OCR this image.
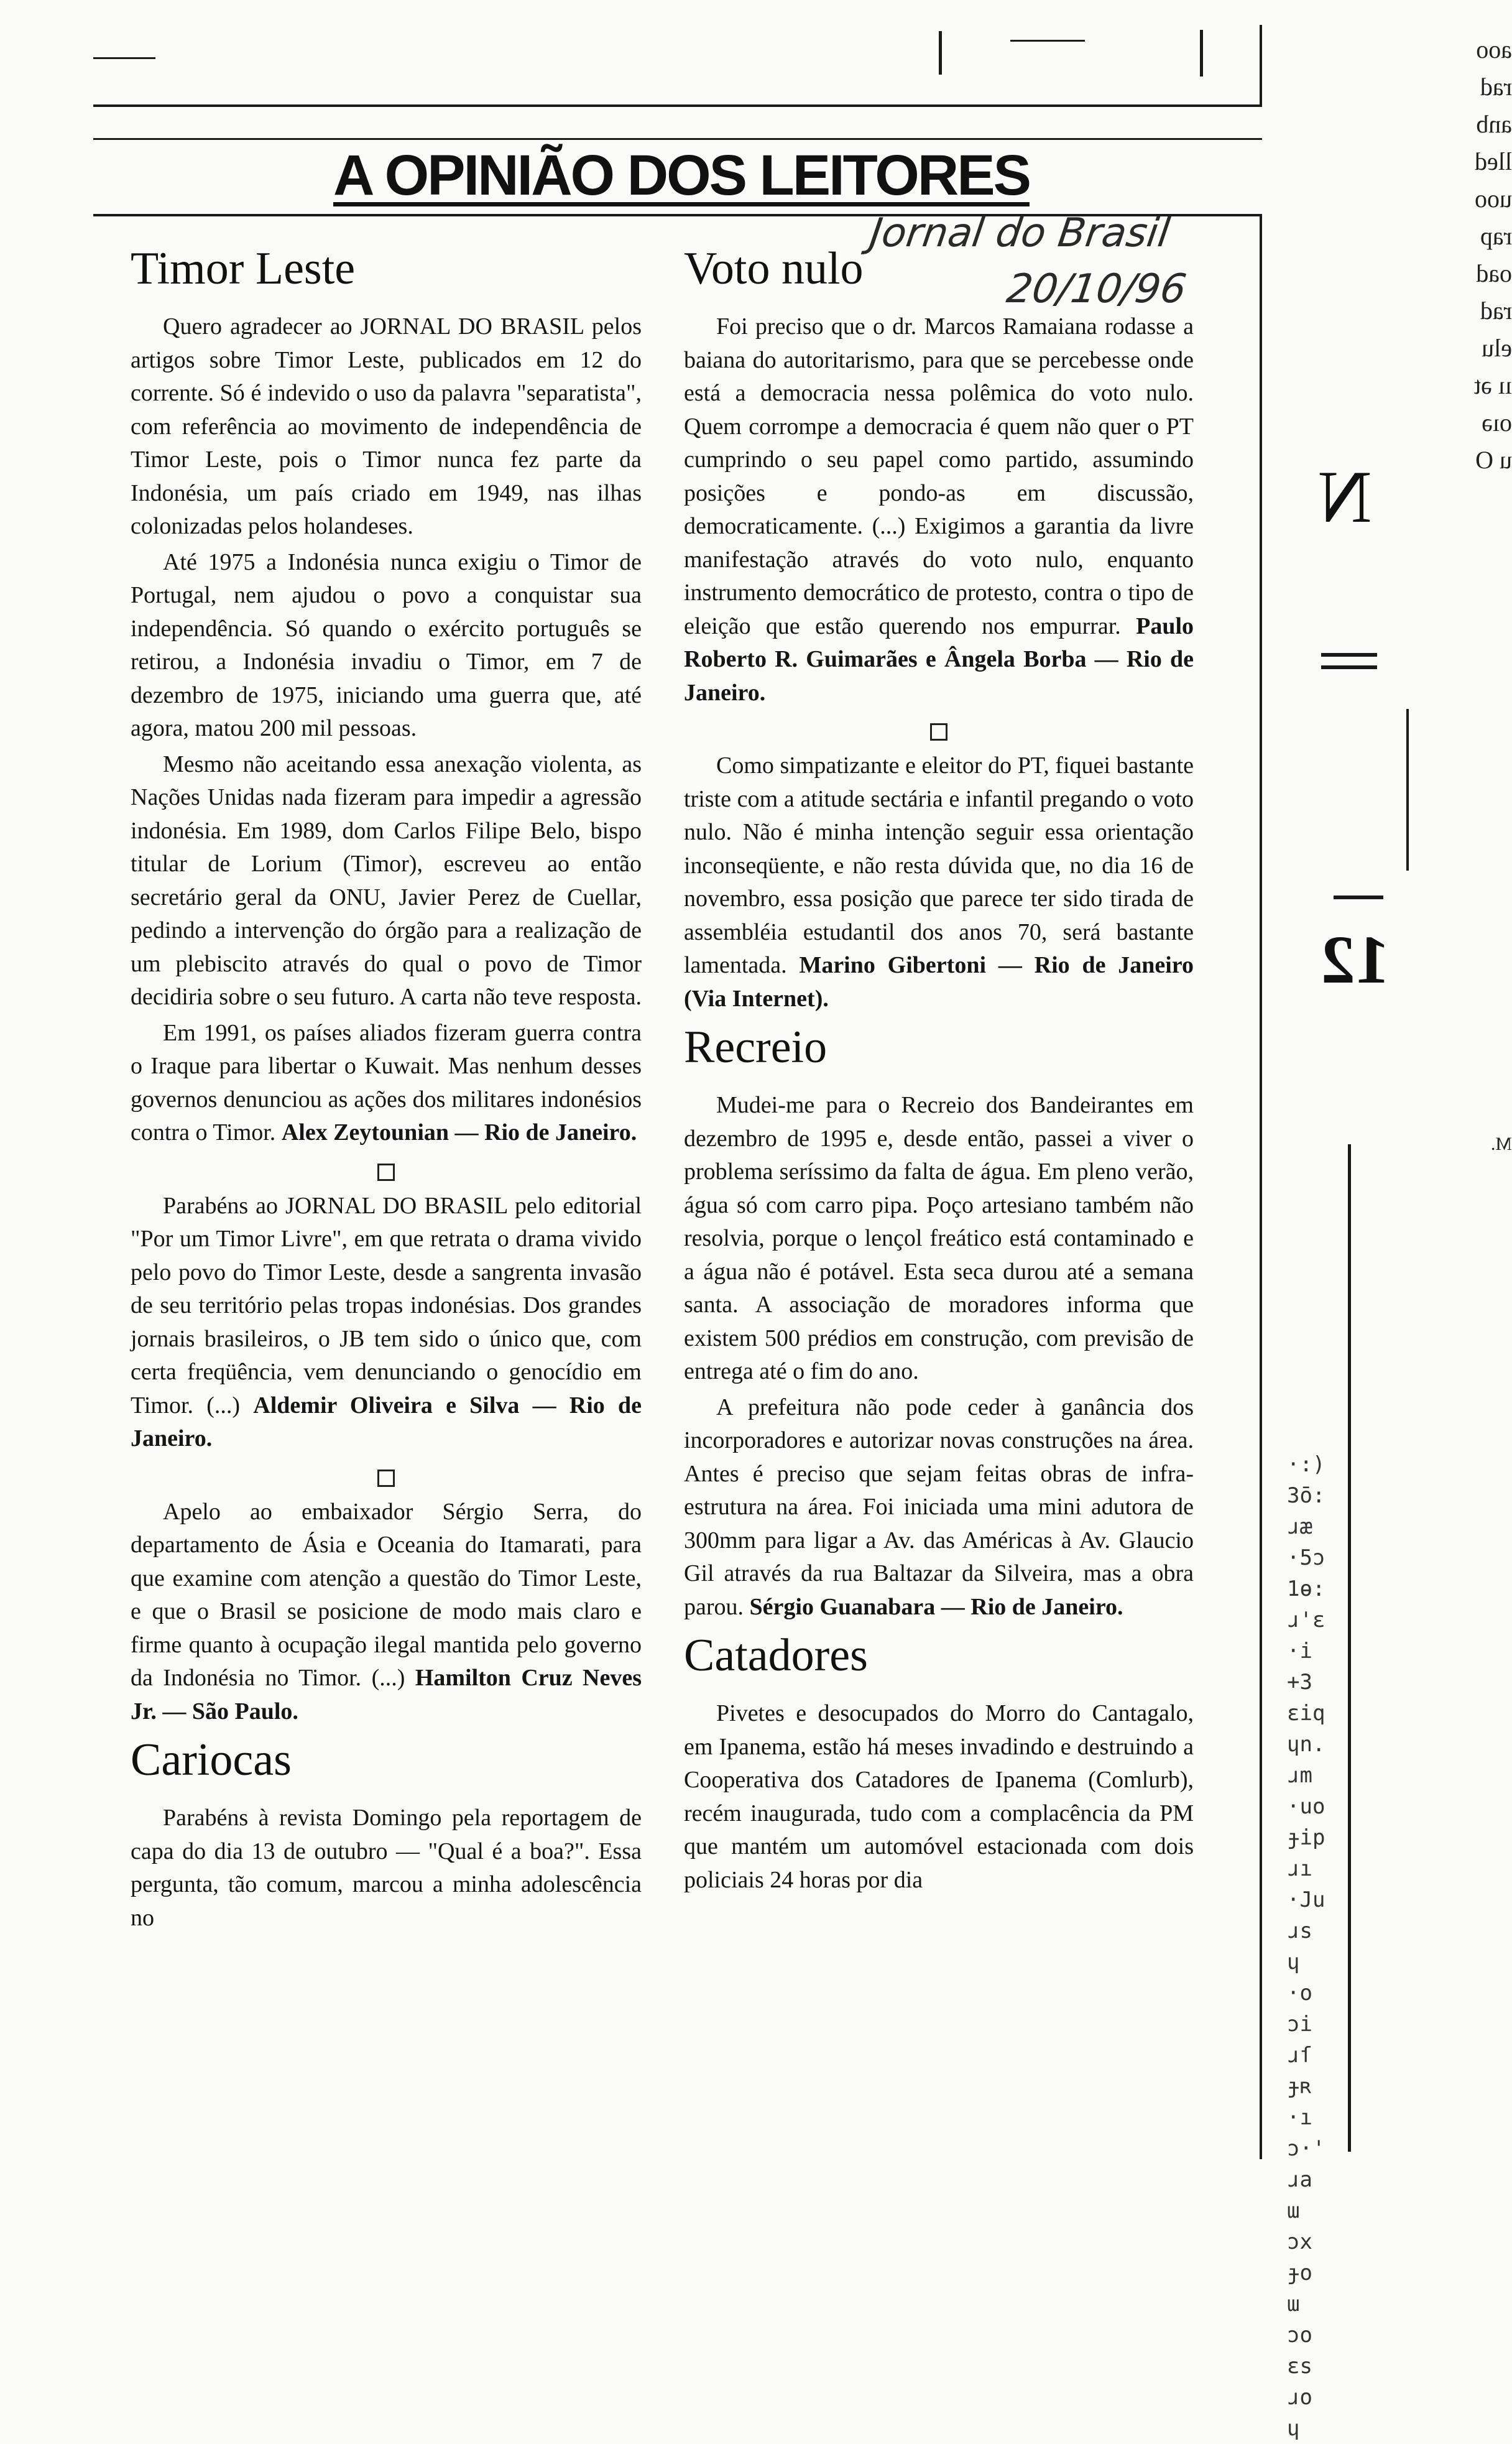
A OPINIÃO DOS LEITORES
Jornal do Brasil
20/10/96
Timor Leste

Quero agradecer ao JORNAL DO BRASIL pelos artigos sobre Timor Leste, publicados em 12 do corrente. Só é indevido o uso da palavra "separatista", com referência ao movimento de independência de Timor Leste, pois o Timor nunca fez parte da Indonésia, um país criado em 1949, nas ilhas colonizadas pelos holandeses.

Até 1975 a Indonésia nunca exigiu o Timor de Portugal, nem ajudou o povo a conquistar sua independência. Só quando o exército português se retirou, a Indonésia invadiu o Timor, em 7 de dezembro de 1975, iniciando uma guerra que, até agora, matou 200 mil pessoas.

Mesmo não aceitando essa anexação violenta, as Nações Unidas nada fizeram para impedir a agressão indonésia. Em 1989, dom Carlos Filipe Belo, bispo titular de Lorium (Timor), escreveu ao então secretário geral da ONU, Javier Perez de Cuellar, pedindo a intervenção do órgão para a realização de um plebiscito através do qual o povo de Timor decidiria sobre o seu futuro. A carta não teve resposta.

Em 1991, os países aliados fizeram guerra contra o Iraque para libertar o Kuwait. Mas nenhum desses governos denunciou as ações dos militares indonésios contra o Timor. Alex Zeytounian — Rio de Janeiro.

Parabéns ao JORNAL DO BRASIL pelo editorial "Por um Timor Livre", em que retrata o drama vivido pelo povo do Timor Leste, desde a sangrenta invasão de seu território pelas tropas indonésias. Dos grandes jornais brasileiros, o JB tem sido o único que, com certa freqüência, vem denunciando o genocídio em Timor. (...) Aldemir Oliveira e Silva — Rio de Janeiro.

Apelo ao embaixador Sérgio Serra, do departamento de Ásia e Oceania do Itamarati, para que examine com atenção a questão do Timor Leste, e que o Brasil se posicione de modo mais claro e firme quanto à ocupação ilegal mantida pelo governo da Indonésia no Timor. (...) Hamilton Cruz Neves Jr. — São Paulo.

Cariocas

Parabéns à revista Domingo pela reportagem de capa do dia 13 de outubro — "Qual é a boa?". Essa pergunta, tão comum, marcou a minha adolescência no

Voto nulo

Foi preciso que o dr. Marcos Ramaiana rodasse a baiana do autoritarismo, para que se percebesse onde está a democracia nessa polêmica do voto nulo. Quem corrompe a democracia é quem não quer o PT cumprindo o seu papel como partido, assumindo posições e pondo-as em discussão, democraticamente. (...) Exigimos a garantia da livre manifestação através do voto nulo, enquanto instrumento democrático de protesto, contra o tipo de eleição que estão querendo nos empurrar. Paulo Roberto R. Guimarães e Ângela Borba — Rio de Janeiro.

Como simpatizante e eleitor do PT, fiquei bastante triste com a atitude sectária e infantil pregando o voto nulo. Não é minha intenção seguir essa orientação inconseqüente, e não resta dúvida que, no dia 16 de novembro, essa posição que parece ter sido tirada de assembléia estudantil dos anos 70, será bastante lamentada. Marino Gibertoni — Rio de Janeiro (Via Internet).

Recreio

Mudei-me para o Recreio dos Bandeirantes em dezembro de 1995 e, desde então, passei a viver o problema seríssimo da falta de água. Em pleno verão, água só com carro pipa. Poço artesiano também não resolvia, porque o lençol freático está contaminado e a água não é potável. Esta seca durou até a semana santa. A associação de moradores informa que existem 500 prédios em construção, com previsão de entrega até o fim do ano.

A prefeitura não pode ceder à ganância dos incorporadores e autorizar novas construções na área. Antes é preciso que sejam feitas obras de infra-estrutura na área. Foi iniciada uma mini adutora de 300mm para ligar a Av. das Américas à Av. Glaucio Gil através da rua Baltazar da Silveira, mas a obra parou. Sérgio Guanabara — Rio de Janeiro.

Catadores

Pivetes e desocupados do Morro do Cantagalo, em Ipanema, estão há meses invadindo e destruindo a Cooperativa dos Catadores de Ipanema (Comlurb), recém inaugurada, tudo com a complacência da PM que mantém um automóvel estacionada com dois policiais 24 horas por dia

aoo
rad
anb
lled
uoo
rap
oad
rad
elu
ıı ət
oıə
u O
M.
·:)
3ō:
ɹæ
·5ɔ
1ɵ:
ɹ'ɛ
·i
+3
ɛiq
ɥn.
ɹm
·uo
ɟip
ɹı
·Ju
ɹs
ɥ
·o
ɔi
ɹſ
ɟʀ
·ı
ɔ·'
ɹa
ɯ
ɔx
ɟo
ɯ
ɔo
ɛs
ɹo
ɥ
N
12
